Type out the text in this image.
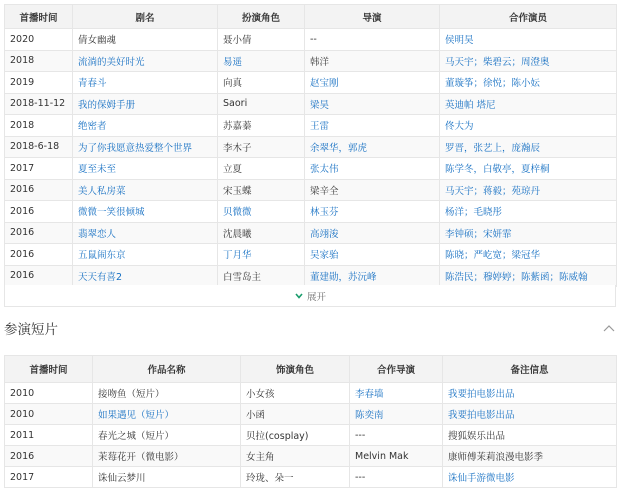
首播时间	剧名	扮演角色	导演	合作演员
2020	倩女幽魂	聂小倩	--	侯明昊
2018	流淌的美好时光	易遥	韩洋	马天宇；柴碧云；周澄奥
2019	青春斗	向真	赵宝刚	董璇筝；徐悦；陈小妘
2018-11-12	我的保姆手册	Saori	梁昊	英迪帕 塔尼
2018	绝密者	苏嘉蓁	王雷	佟大为
2018-6-18	为了你我愿意热爱整个世界	李木子	余翠华，郭虎	罗晋，张艺上，庞瀚辰
2017	夏至未至	立夏	张太伟	陈学冬，白敬亭，夏梓桐
2016	美人私房菜	宋玉蝶	梁辛全	马天宇；蒋毅；苑琼丹
2016	微微一笑很倾城	贝微微	林玉芬	杨洋；毛晓彤
2016	翡翠恋人	沈晨曦	高翊浚	李钟硕；宋妍霏
2016	五鼠闹东京	丁月华	吴家骀	陈晓；严屹宽；梁冠华
2016	天天有喜2	白雪岛主	董建勋，苏沅峰	陈浩民；穆婷婷；陈紫函；陈威翰
展开
参演短片
首播时间	作品名称	饰演角色	合作导演	备注信息
2010	接吻鱼（短片）	小女孩	李春墙	我要拍电影出品
2010	如果遇见（短片）	小函	陈奕南	我要拍电影出品
2011	春光之城（短片）	贝拉(cosplay)	---	搜狐娱乐出品
2016	茉莓花开（微电影）	女主角	Melvin Mak	康师傅茉莉浪漫电影季
2017	诛仙云梦川	玲珑、朵一	---	诛仙手游微电影
